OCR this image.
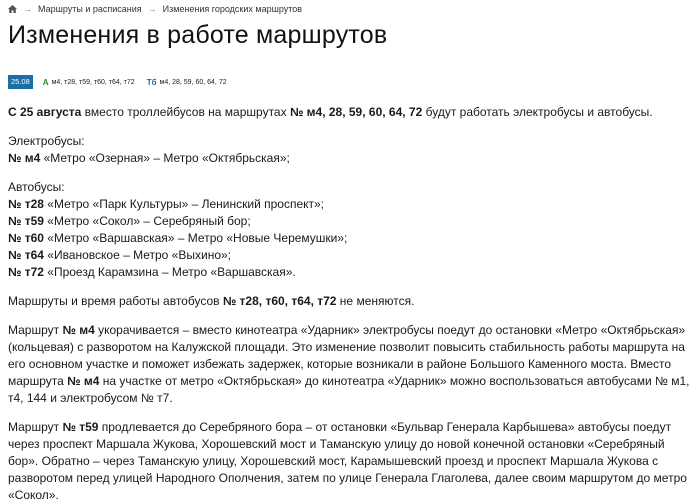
→ Маршруты и расписания → Изменения городских маршрутов
Изменения в работе маршрутов
25.08	А м4, т28, т59, т60, т64, т72 Тб м4, 28, 59, 60, 64, 72

С 25 августа вместо троллейбусов на маршрутах № м4, 28, 59, 60, 64, 72 будут работать электробусы и автобусы.

Электробусы:
№ м4 «Метро «Озерная» – Метро «Октябрьская»;

Автобусы:
№ т28 «Метро «Парк Культуры» – Ленинский проспект»;
№ т59 «Метро «Сокол» – Серебряный бор;
№ т60 «Метро «Варшавская» – Метро «Новые Черемушки»;
№ т64 «Ивановское – Метро «Выхино»;
№ т72 «Проезд Карамзина – Метро «Варшавская».

Маршруты и время работы автобусов № т28, т60, т64, т72 не меняются.

Маршрут № м4 укорачивается – вместо кинотеатра «Ударник» электробусы поедут до остановки «Метро «Октябрьская» (кольцевая) с разворотом на Калужской площади. Это изменение позволит повысить стабильность работы маршрута на его основном участке и поможет избежать задержек, которые возникали в районе Большого Каменного моста. Вместо маршрута № м4 на участке от метро «Октябрьская» до кинотеатра «Ударник» можно воспользоваться автобусами № м1, т4, 144 и электробусом № т7.

Маршрут № т59 продлевается до Серебряного бора – от остановки «Бульвар Генерала Карбышева» автобусы поедут через проспект Маршала Жукова, Хорошевский мост и Таманскую улицу до новой конечной остановки «Серебряный бор». Обратно – через Таманскую улицу, Хорошевский мост, Карамышевский проезд и проспект Маршала Жукова с разворотом перед улицей Народного Ополчения, затем по улице Генерала Глаголева, далее своим маршрутом до метро «Сокол».
